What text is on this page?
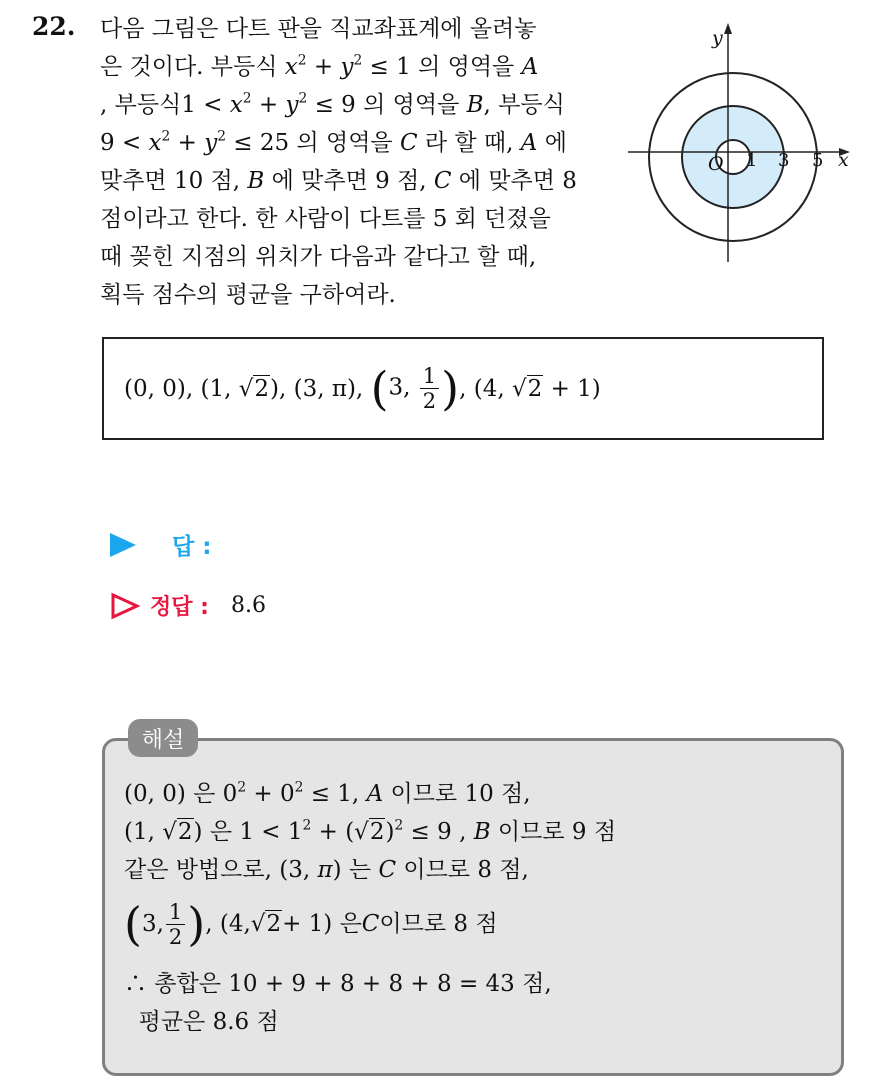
22. 다음 그림은 다트 판을 직교좌표계에 올려놓
은 것이다. 부등식 $x^2 + y^2 \le 1$ 의 영역을 A
, 부등식$1 < x^2 + y^2 \le 9$ 의 영역을 B, 부등식
$9 < x^2 + y^2 \le 25$ 의 영역을 C 라 할 때, A 에
맞추면 10 점, B 에 맞추면 9 점, C 에 맞추면 8
점이라고 한다. 한 사람이 다트를 5 회 던졌을
때 꽂힌 지점의 위치가 다음과 같다고 할 때,
획득 점수의 평균을 구하여라.
y
x
O 1 3 5
(0, 0),
(1, √2),
(3, π),
(3, $\frac{1}{2}$ ) , (4, √2 + 1)
답 :
정답 : 8.6
해설
(0, 0) 은 $0^2 + 0^2 \le 1$, A 이므로 10 점,
(1, √2) 은 $1 < 1^2 + (√2)^2 \le 9$ , B 이므로 9 점
같은 방법으로, (3, π) 는 C 이므로 8 점,
( 3, $\frac{1}{2}$ ) , (4, √2 + 1) 은 C 이므로 8 점
∴ 총합은 10 + 9 + 8 + 8 + 8 = 43 점,
평균은 8.6 점
